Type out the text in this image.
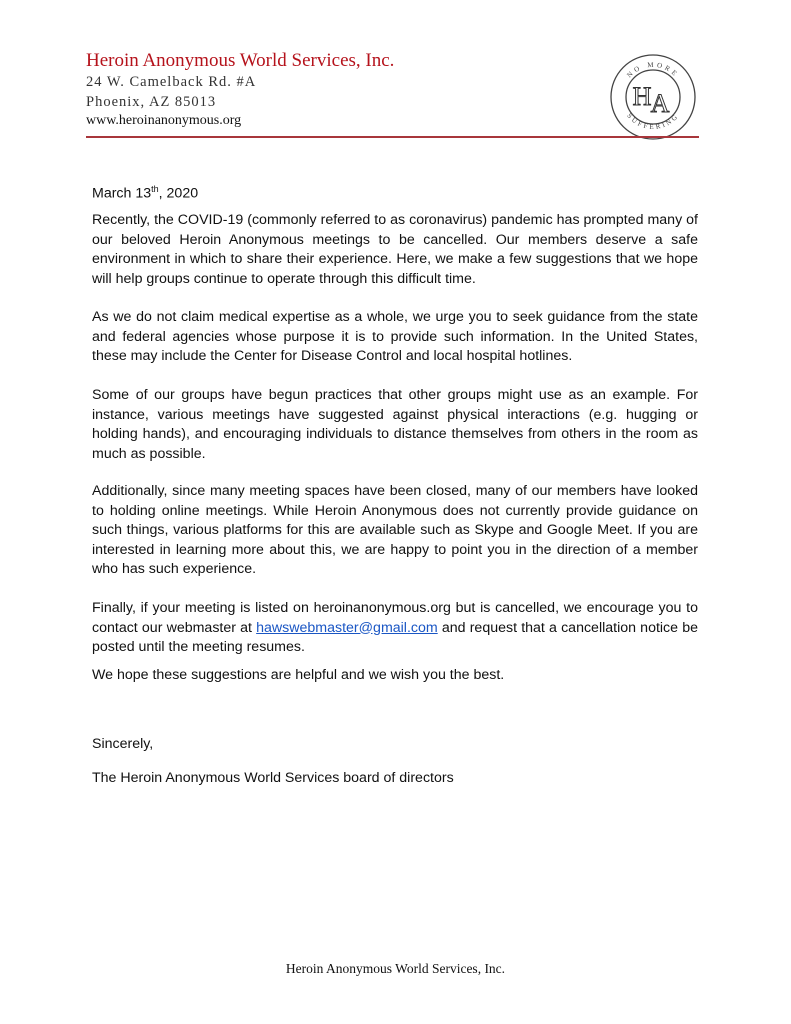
Heroin Anonymous World Services, Inc.
24 W. Camelback Rd. #A
Phoenix, AZ 85013
www.heroinanonymous.org
NO MORE
SUFFERING
H A
March 13th, 2020

Recently, the COVID-19 (commonly referred to as coronavirus) pandemic has prompted many of our beloved Heroin Anonymous meetings to be cancelled. Our members deserve a safe environment in which to share their experience. Here, we make a few suggestions that we hope will help groups continue to operate through this difficult time.

As we do not claim medical expertise as a whole, we urge you to seek guidance from the state and federal agencies whose purpose it is to provide such information. In the United States, these may include the Center for Disease Control and local hospital hotlines.

Some of our groups have begun practices that other groups might use as an example. For instance, various meetings have suggested against physical interactions (e.g. hugging or holding hands), and encouraging individuals to distance themselves from others in the room as much as possible.

Additionally, since many meeting spaces have been closed, many of our members have looked to holding online meetings. While Heroin Anonymous does not currently provide guidance on such things, various platforms for this are available such as Skype and Google Meet. If you are interested in learning more about this, we are happy to point you in the direction of a member who has such experience.

Finally, if your meeting is listed on heroinanonymous.org but is cancelled, we encourage you to contact our webmaster at hawswebmaster@gmail.com and request that a cancellation notice be posted until the meeting resumes.

We hope these suggestions are helpful and we wish you the best.

Sincerely,

The Heroin Anonymous World Services board of directors

Heroin Anonymous World Services, Inc.
